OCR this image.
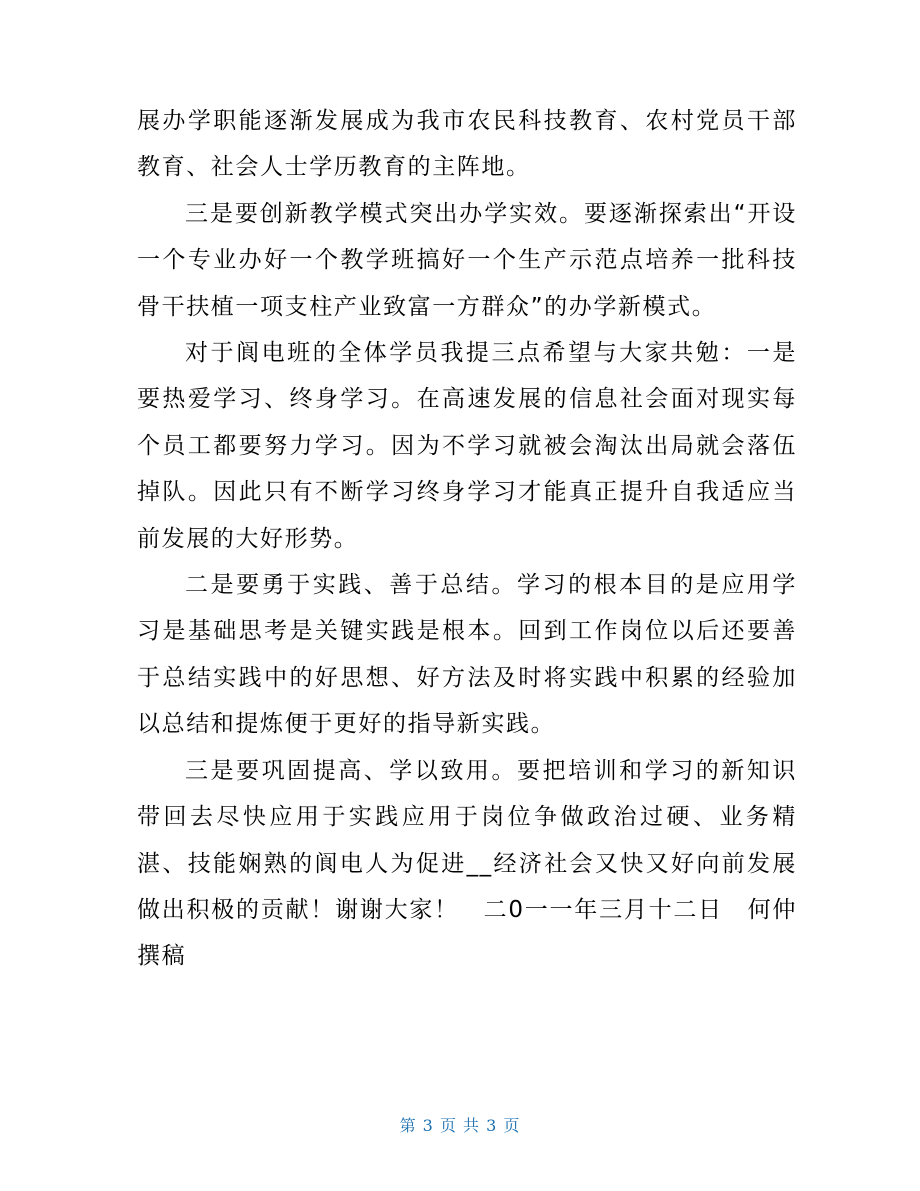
展办学职能逐渐发展成为我市农民科技教育、农村党员干部教育、社会人士学历教育的主阵地。

三是要创新教学模式突出办学实效。要逐渐探索出“开设一个专业办好一个教学班搞好一个生产示范点培养一批科技骨干扶植一项支柱产业致富一方群众”的办学新模式。

对于阆电班的全体学员我提三点希望与大家共勉：一是要热爱学习、终身学习。在高速发展的信息社会面对现实每个员工都要努力学习。因为不学习就被会淘汰出局就会落伍掉队。因此只有不断学习终身学习才能真正提升自我适应当前发展的大好形势。

二是要勇于实践、善于总结。学习的根本目的是应用学习是基础思考是关键实践是根本。回到工作岗位以后还要善于总结实践中的好思想、好方法及时将实践中积累的经验加以总结和提炼便于更好的指导新实践。

三是要巩固提高、学以致用。要把培训和学习的新知识带回去尽快应用于实践应用于岗位争做政治过硬、业务精湛、技能娴熟的阆电人为促进__经济社会又快又好向前发展做出积极的贡献！谢谢大家！　二0一一年三月十二日　何仲撰稿

第 3 页 共 3 页
